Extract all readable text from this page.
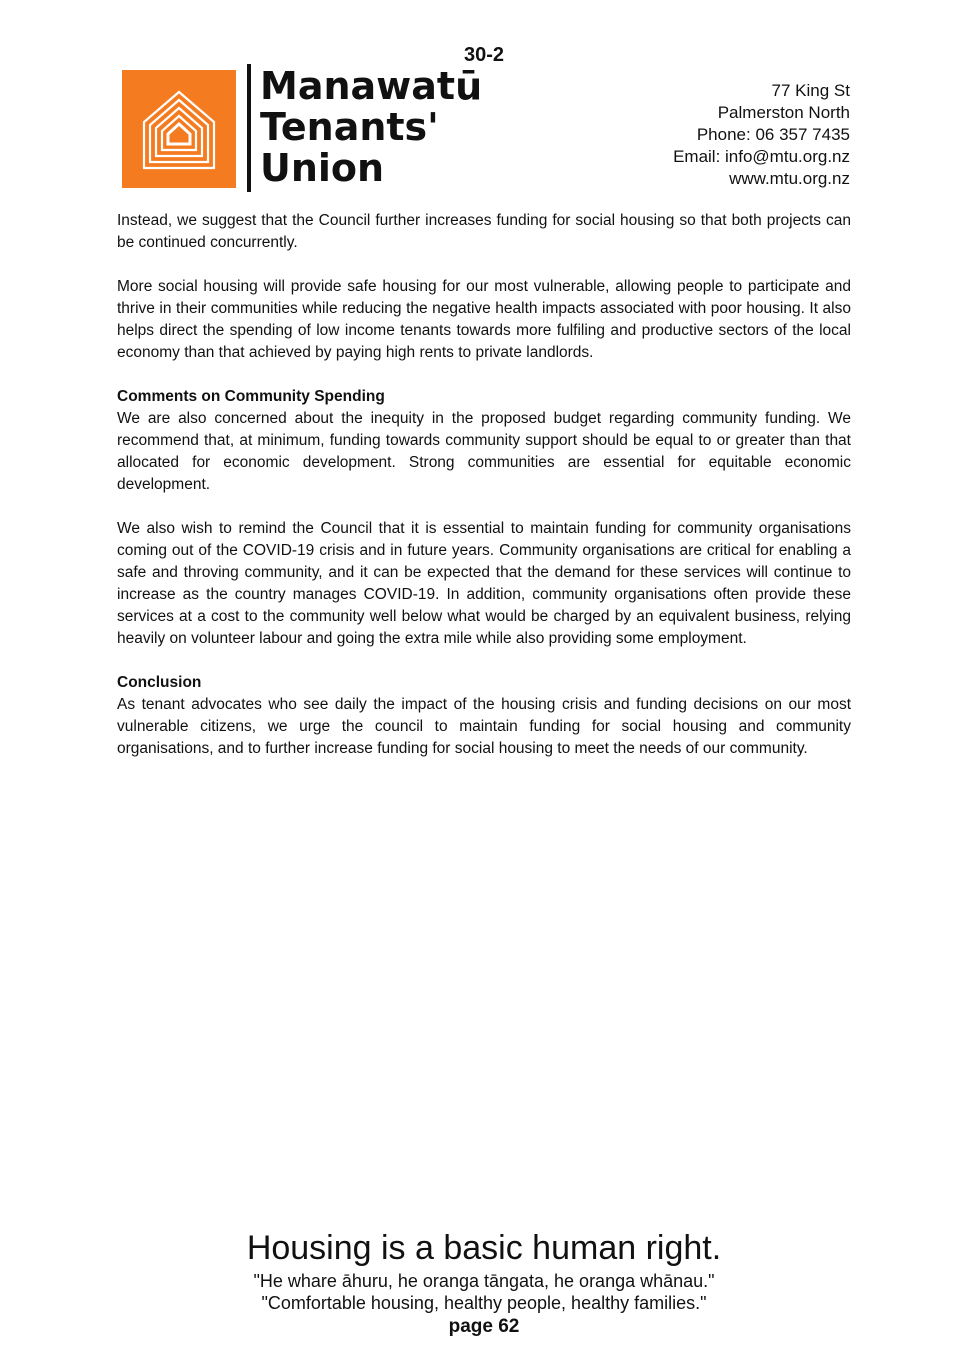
30-2
Manawatū
Tenants'
Union
77 King St
Palmerston North
Phone: 06 357 7435
Email: info@mtu.org.nz
www.mtu.org.nz

Instead, we suggest that the Council further increases funding for social housing so that both projects can be continued concurrently.

More social housing will provide safe housing for our most vulnerable, allowing people to participate and thrive in their communities while reducing the negative health impacts associated with poor housing. It also helps direct the spending of low income tenants towards more fulfiling and productive sectors of the local economy than that achieved by paying high rents to private landlords.

Comments on Community Spending

We are also concerned about the inequity in the proposed budget regarding community funding. We recommend that, at minimum, funding towards community support should be equal to or greater than that allocated for economic development. Strong communities are essential for equitable economic development.

We also wish to remind the Council that it is essential to maintain funding for community organisations coming out of the COVID-19 crisis and in future years. Community organisations are critical for enabling a safe and throving community, and it can be expected that the demand for these services will continue to increase as the country manages COVID-19. In addition, community organisations often provide these services at a cost to the community well below what would be charged by an equivalent business, relying heavily on volunteer labour and going the extra mile while also providing some employment.

Conclusion

As tenant advocates who see daily the impact of the housing crisis and funding decisions on our most vulnerable citizens, we urge the council to maintain funding for social housing and community organisations, and to further increase funding for social housing to meet the needs of our community.

Housing is a basic human right.
"He whare āhuru, he oranga tāngata, he oranga whānau."
"Comfortable housing, healthy people, healthy families."
page 62
